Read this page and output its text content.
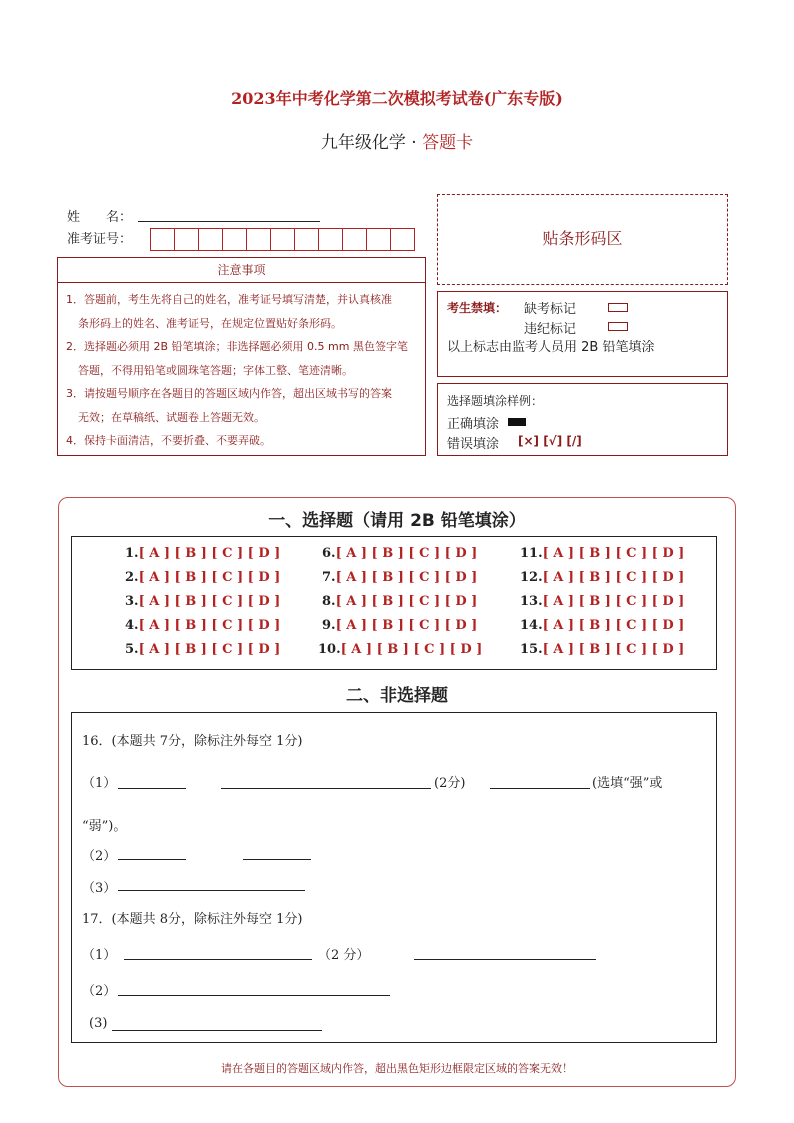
2023年中考化学第二次模拟考试卷(广东专版)
九年级化学 · 答题卡
姓　　名：
准考证号：
注意事项
1．答题前，考生先将自己的姓名，准考证号填写清楚，并认真核准
条形码上的姓名、准考证号，在规定位置贴好条形码。
2．选择题必须用 2B 铅笔填涂；非选择题必须用 0.5 mm 黑色签字笔
答题，不得用铅笔或圆珠笔答题；字体工整、笔迹清晰。
3．请按题号顺序在各题目的答题区域内作答，超出区域书写的答案
无效；在草稿纸、试题卷上答题无效。
4．保持卡面清洁，不要折叠、不要弄破。
贴条形码区
考生禁填： 缺考标记
违纪标记
以上标志由监考人员用 2B 铅笔填涂
选择题填涂样例：
正确填涂
错误填涂 [×] [√] [/]
一、选择题（请用 2B 铅笔填涂）
1.[ A ] [ B ] [ C ] [ D ]
2.[ A ] [ B ] [ C ] [ D ]
3.[ A ] [ B ] [ C ] [ D ]
4.[ A ] [ B ] [ C ] [ D ]
5.[ A ] [ B ] [ C ] [ D ]
6.[ A ] [ B ] [ C ] [ D ]
7.[ A ] [ B ] [ C ] [ D ]
8.[ A ] [ B ] [ C ] [ D ]
9.[ A ] [ B ] [ C ] [ D ]
10.[ A ] [ B ] [ C ] [ D ]
11.[ A ] [ B ] [ C ] [ D ]
12.[ A ] [ B ] [ C ] [ D ]
13.[ A ] [ B ] [ C ] [ D ]
14.[ A ] [ B ] [ C ] [ D ]
15.[ A ] [ B ] [ C ] [ D ]
二、非选择题
16．(本题共 7分，除标注外每空 1分)
（1）	(2分)	(选填“强”或
“弱”)。
（2）
（3）
17．(本题共 8分，除标注外每空 1分)
（1）	（2 分）
（2）
(3)
请在各题目的答题区域内作答，超出黑色矩形边框限定区域的答案无效！
